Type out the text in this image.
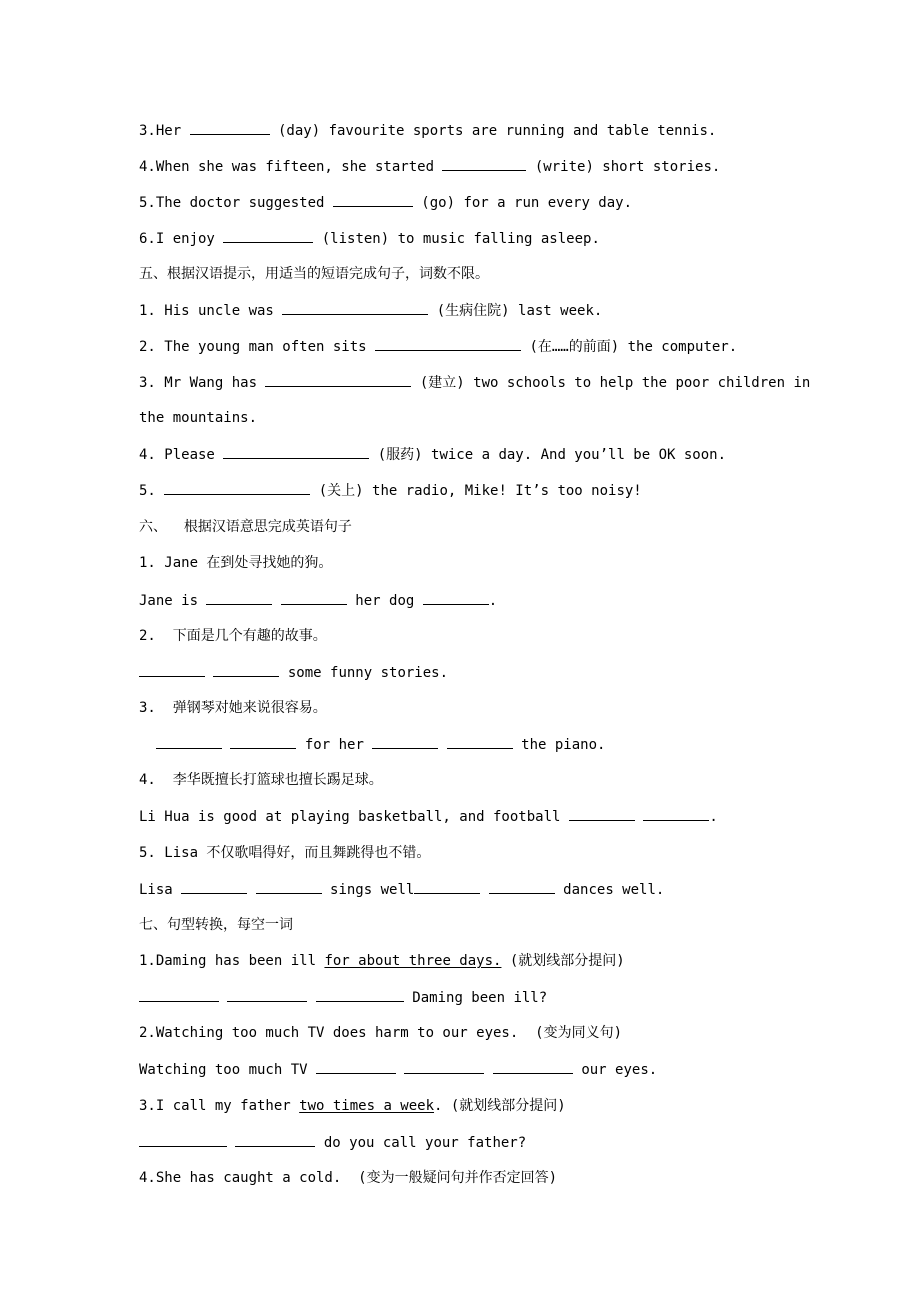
3.Her	(day) favourite sports are running and table tennis.
4.When she was fifteen, she started	(write) short stories.
5.The doctor suggested	(go) for a run every day.
6.I enjoy	(listen) to music falling asleep.
五、根据汉语提示，用适当的短语完成句子，词数不限。
1. His uncle was	(生病住院) last week.
2. The young man often sits	(在……的前面) the computer.
3. Mr Wang has	(建立) two schools to help the poor children in
the mountains.
4. Please	(服药) twice a day. And you’ll be OK soon.
5.	(关上) the radio, Mike! It’s too noisy!
六、  根据汉语意思完成英语句子
1. Jane 在到处寻找她的狗。
Jane is	her dog	.
2.  下面是几个有趣的故事。
some funny stories.
3.  弹钢琴对她来说很容易。
for her	the piano.
4.  李华既擅长打篮球也擅长踢足球。
Li Hua is good at playing basketball, and football	.
5. Lisa 不仅歌唱得好，而且舞跳得也不错。
Lisa	sings well	dances well.
七、句型转换，每空一词
1.Daming has been ill for about three days. (就划线部分提问)
Daming been ill?
2.Watching too much TV does harm to our eyes.  (变为同义句)
Watching too much TV	our eyes.
3.I call my father two times a week. (就划线部分提问)
do you call your father?
4.She has caught a cold.  (变为一般疑问句并作否定回答)
